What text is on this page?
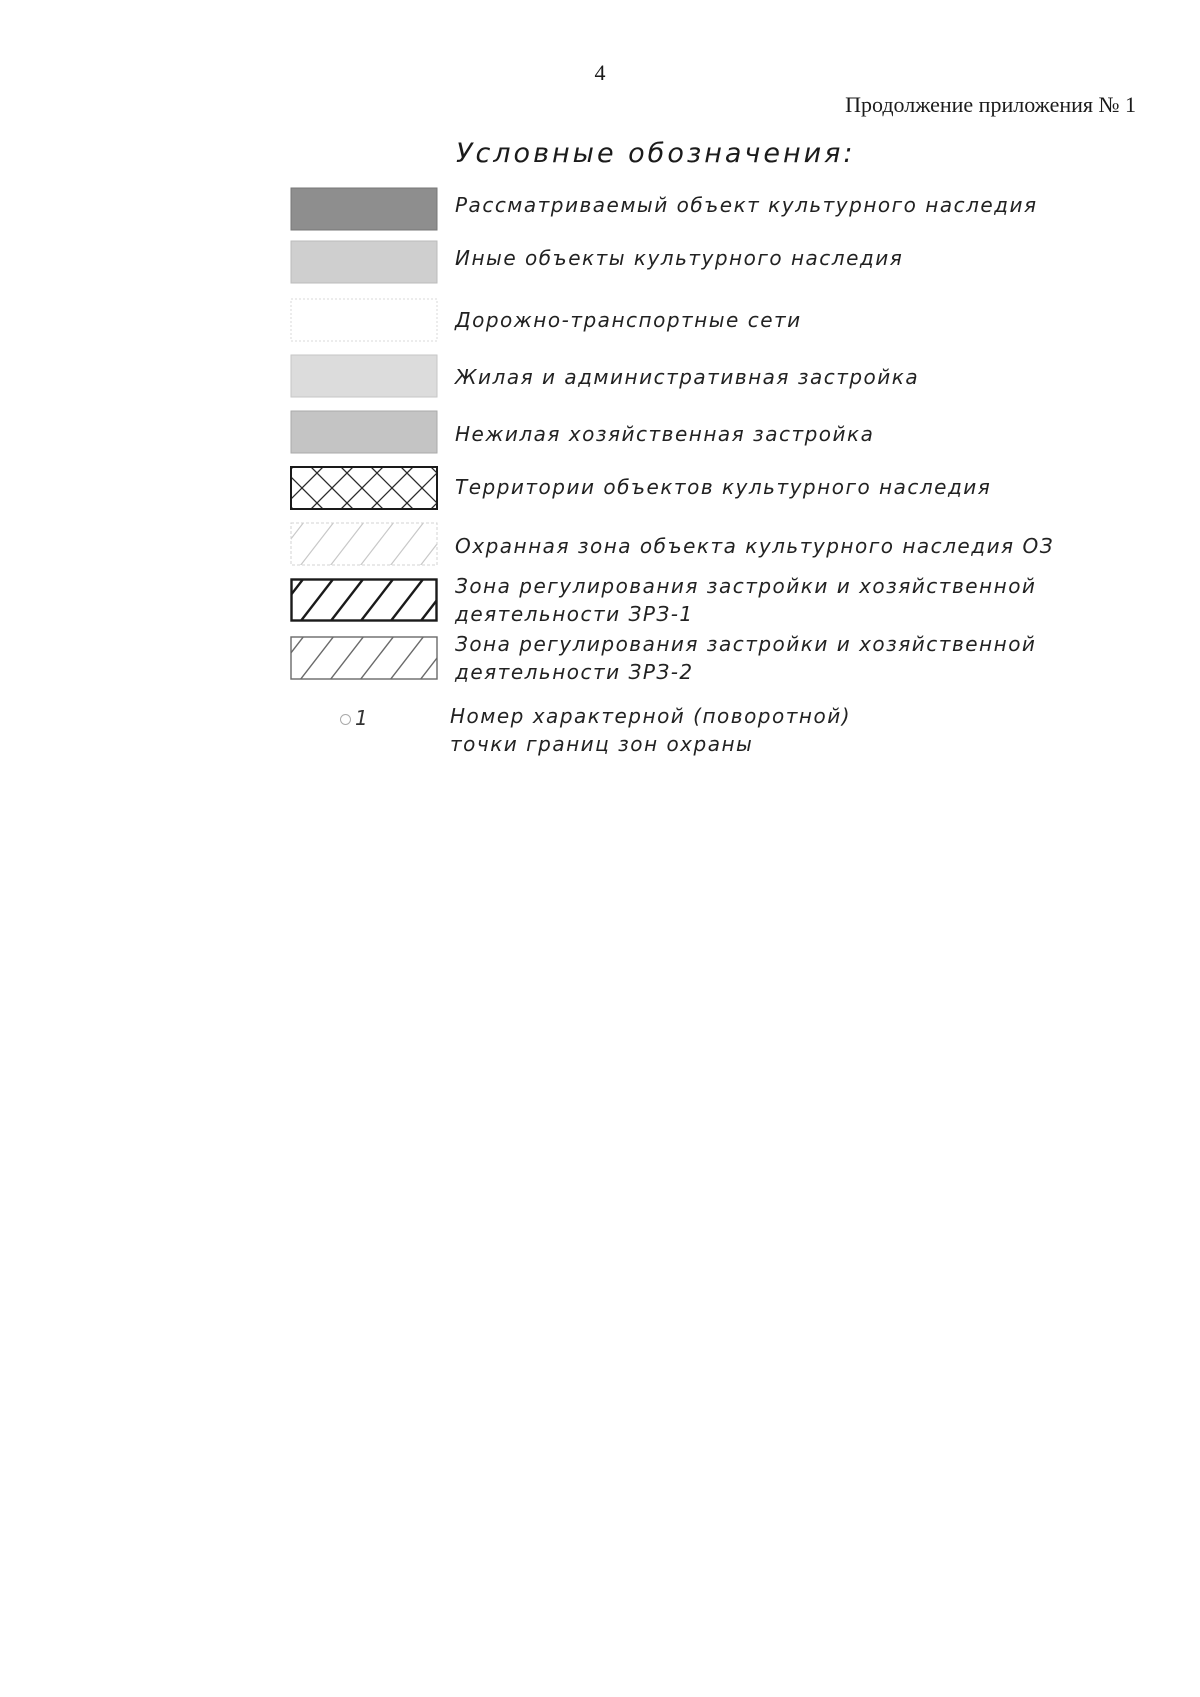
4
Продолжение приложения № 1
Условные обозначения:
Рассматриваемый объект культурного наследия
Иные объекты культурного наследия
Дорожно-транспортные сети
Жилая и административная застройка
Нежилая хозяйственная застройка
Территории объектов культурного наследия
Охранная зона объекта культурного наследия ОЗ
Зона регулирования застройки и хозяйственной
деятельности ЗРЗ-1
Зона регулирования застройки и хозяйственной
деятельности ЗРЗ-2
1	Номер характерной (поворотной)
точки границ зон охраны
